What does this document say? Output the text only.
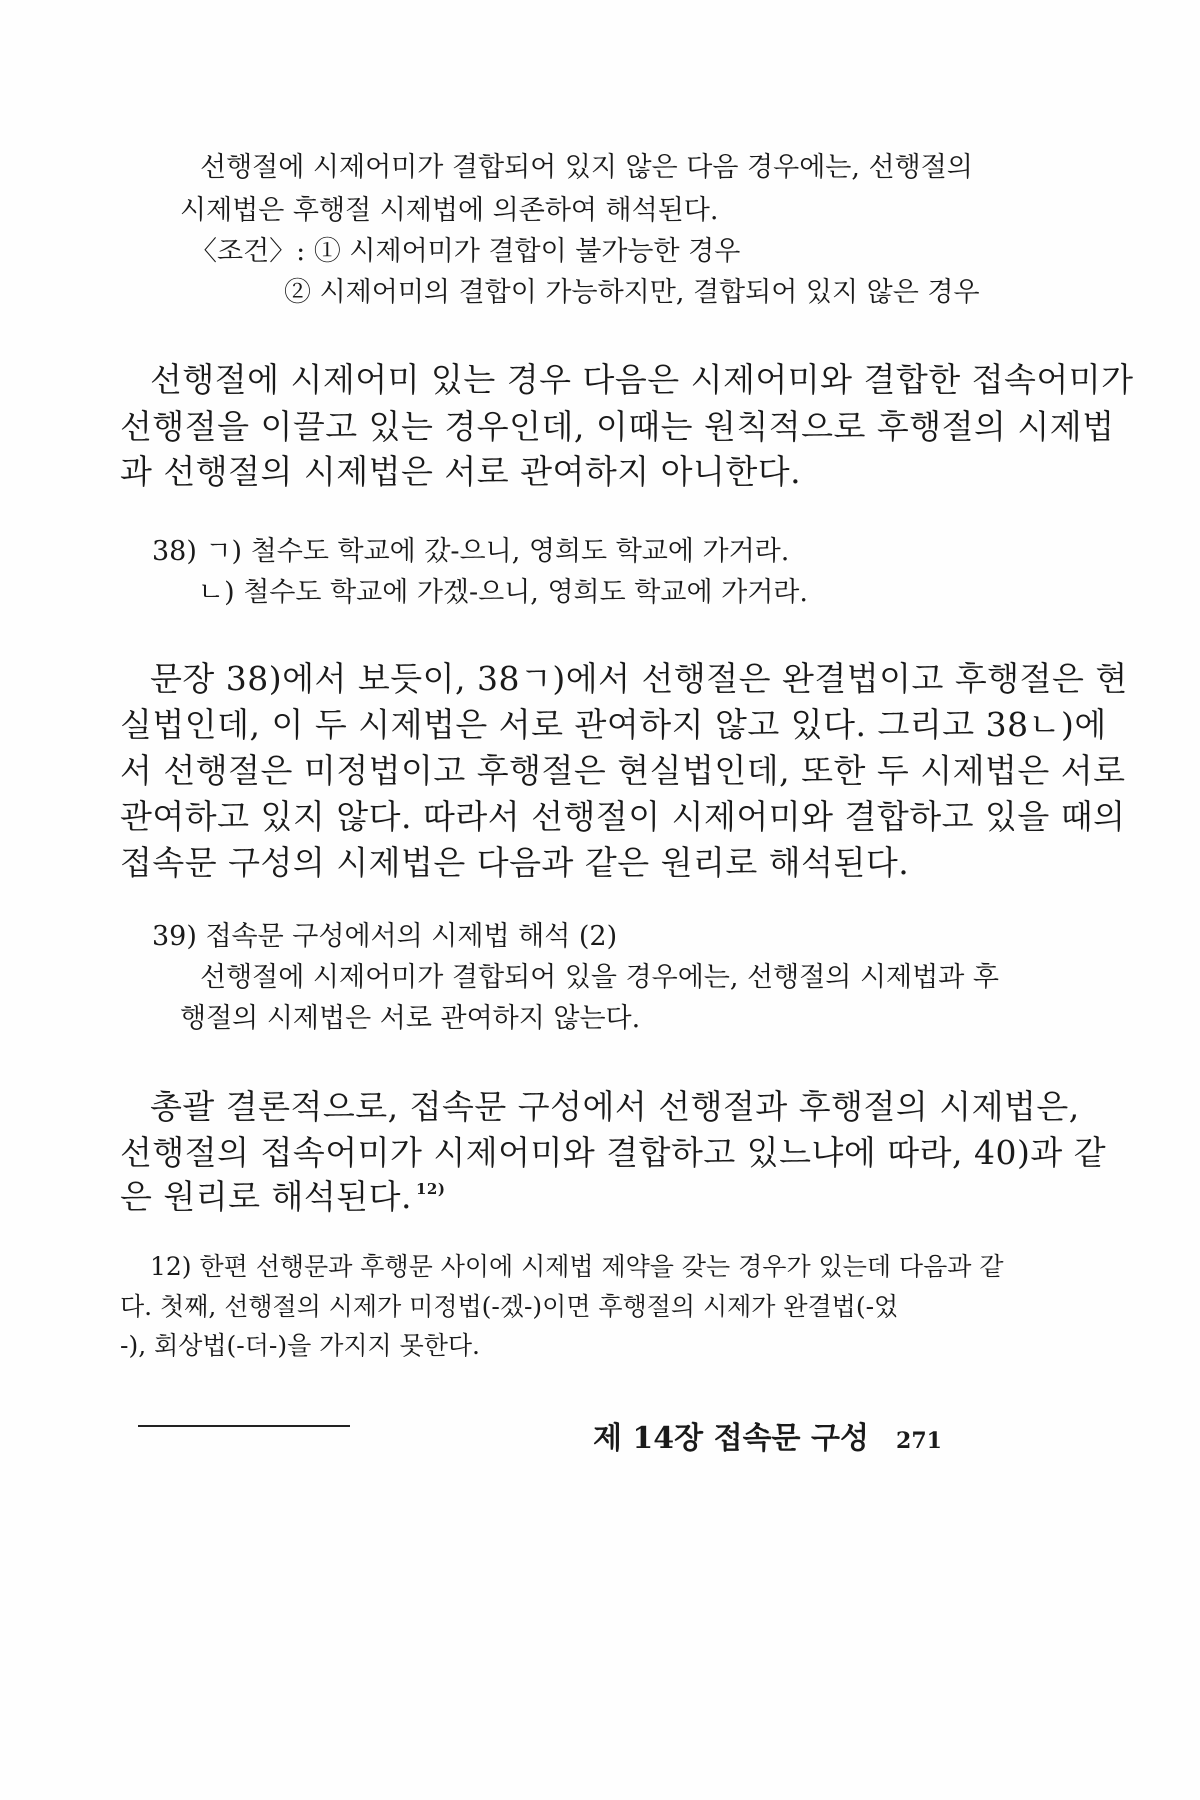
선행절에 시제어미가 결합되어 있지 않은 다음 경우에는, 선행절의
시제법은 후행절 시제법에 의존하여 해석된다.
〈조건〉: ① 시제어미가 결합이 불가능한 경우
② 시제어미의 결합이 가능하지만, 결합되어 있지 않은 경우
선행절에 시제어미 있는 경우 다음은 시제어미와 결합한 접속어미가
선행절을 이끌고 있는 경우인데, 이때는 원칙적으로 후행절의 시제법
과 선행절의 시제법은 서로 관여하지 아니한다.
38) ㄱ) 철수도 학교에 갔-으니, 영희도 학교에 가거라.
ㄴ) 철수도 학교에 가겠-으니, 영희도 학교에 가거라.
문장 38)에서 보듯이, 38ㄱ)에서 선행절은 완결법이고 후행절은 현
실법인데, 이 두 시제법은 서로 관여하지 않고 있다. 그리고 38ㄴ)에
서 선행절은 미정법이고 후행절은 현실법인데, 또한 두 시제법은 서로
관여하고 있지 않다. 따라서 선행절이 시제어미와 결합하고 있을 때의
접속문 구성의 시제법은 다음과 같은 원리로 해석된다.
39) 접속문 구성에서의 시제법 해석 (2)
선행절에 시제어미가 결합되어 있을 경우에는, 선행절의 시제법과 후
행절의 시제법은 서로 관여하지 않는다.
총괄 결론적으로, 접속문 구성에서 선행절과 후행절의 시제법은,
선행절의 접속어미가 시제어미와 결합하고 있느냐에 따라, 40)과 같
은 원리로 해석된다. $^{12)}$
12) 한편 선행문과 후행문 사이에 시제법 제약을 갖는 경우가 있는데 다음과 같
다. 첫째, 선행절의 시제가 미정법(-겠-)이면 후행절의 시제가 완결법(-었
-), 회상법(-더-)을 가지지 못한다.
제 14장 접속문 구성 271
